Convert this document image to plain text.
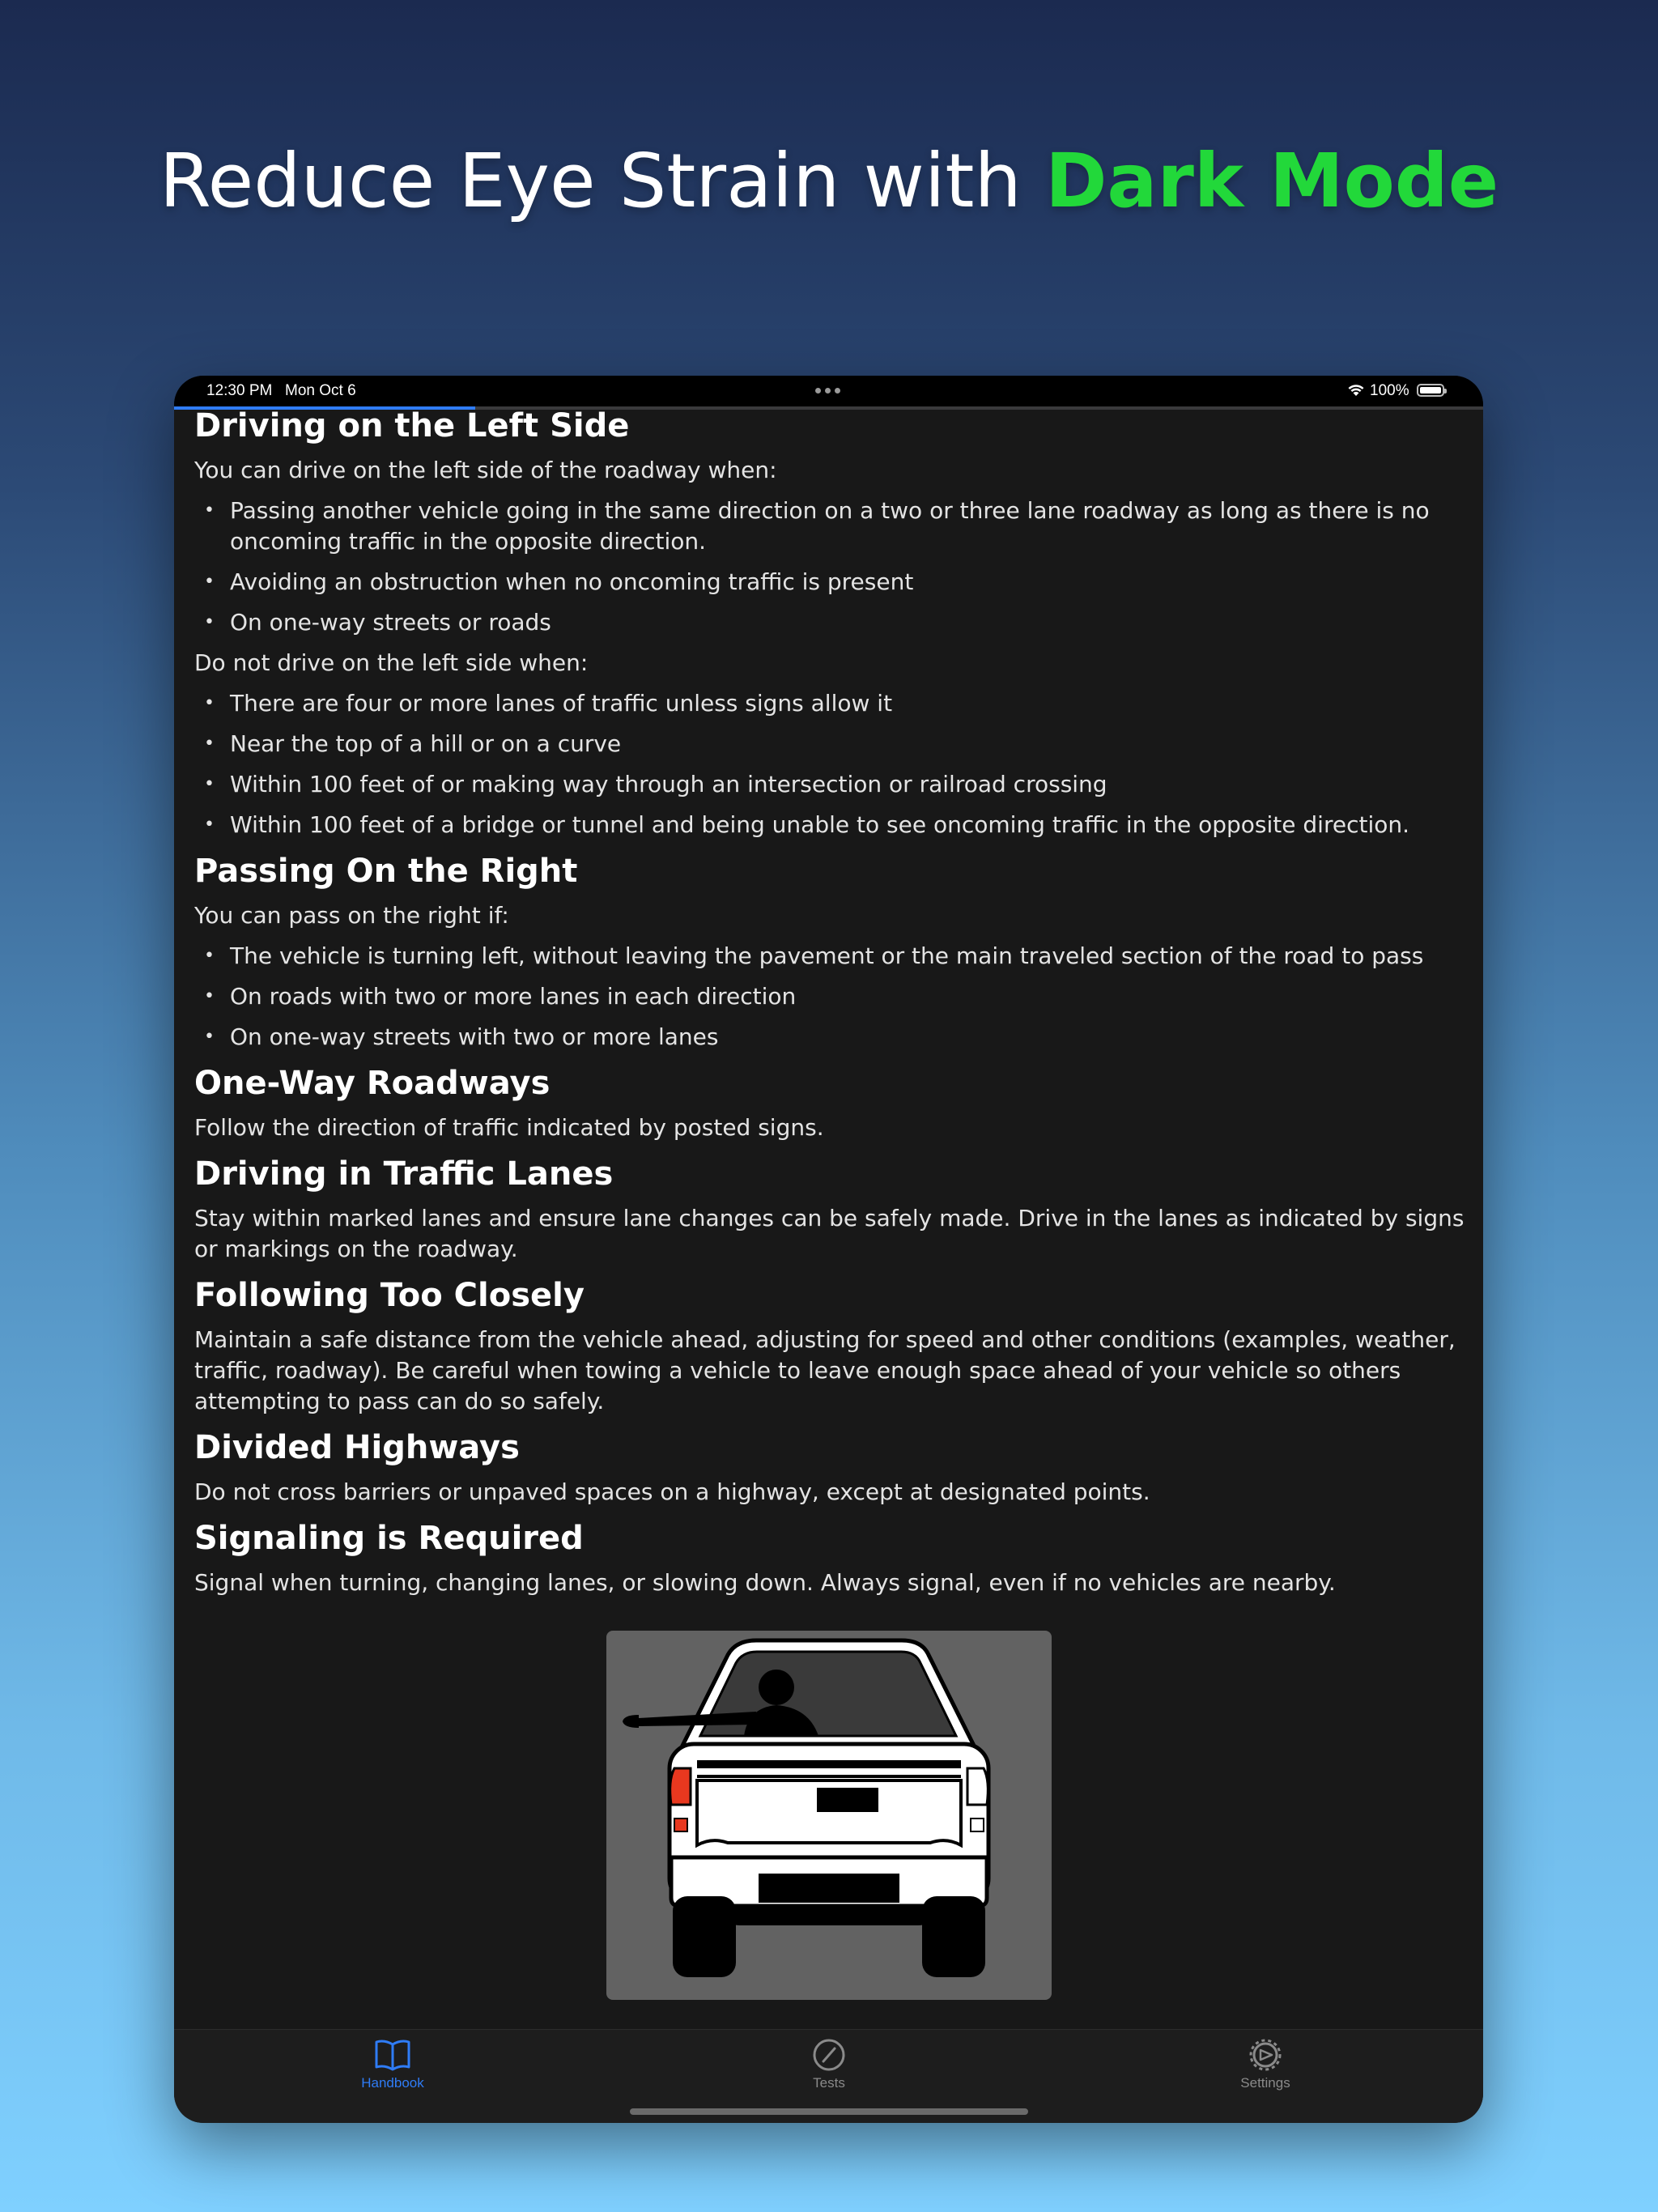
Reduce Eye Strain with Dark Mode
12:30 PM Mon Oct 6	100%
Driving on the Left Side

You can drive on the left side of the roadway when:

• Passing another vehicle going in the same direction on a two or three lane roadway as long as there is no oncoming traffic in the opposite direction.
• Avoiding an obstruction when no oncoming traffic is present
• On one-way streets or roads

Do not drive on the left side when:

• There are four or more lanes of traffic unless signs allow it
• Near the top of a hill or on a curve
• Within 100 feet of or making way through an intersection or railroad crossing
• Within 100 feet of a bridge or tunnel and being unable to see oncoming traffic in the opposite direction.
Passing On the Right

You can pass on the right if:

• The vehicle is turning left, without leaving the pavement or the main traveled section of the road to pass
• On roads with two or more lanes in each direction
• On one-way streets with two or more lanes
One-Way Roadways

Follow the direction of traffic indicated by posted signs.

Driving in Traffic Lanes

Stay within marked lanes and ensure lane changes can be safely made. Drive in the lanes as indicated by signs or markings on the roadway.

Following Too Closely

Maintain a safe distance from the vehicle ahead, adjusting for speed and other conditions (examples, weather, traffic, roadway). Be careful when towing a vehicle to leave enough space ahead of your vehicle so others attempting to pass can do so safely.

Divided Highways

Do not cross barriers or unpaved spaces on a highway, except at designated points.

Signaling is Required

Signal when turning, changing lanes, or slowing down. Always signal, even if no vehicles are nearby.

Handbook	Tests	Settings
